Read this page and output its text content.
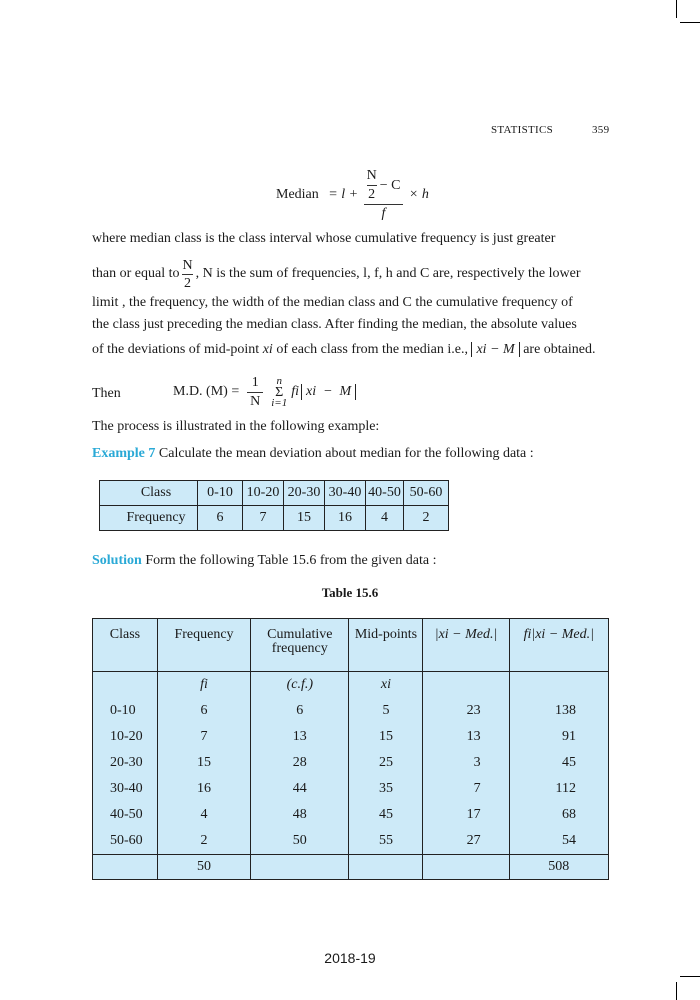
STATISTICS	359
Median = $l + \frac{\frac{N}{2} - C}{f} \times h$
where median class is the class interval whose cumulative frequency is just greater
than or equal to $\frac{N}{2}$ , N is the sum of frequencies, l, f, h and C are, respectively the lower
limit , the frequency, the width of the median class and C the cumulative frequency of
the class just preceding the median class. After finding the median, the absolute values
of the deviations of mid-point xi of each class from the median i.e., xi − M are obtained.
Then	M.D. $(M) = \frac{1}{N}$ n
Σ
i=1
fi xi  −  M
The process is illustrated in the following example:
Example 7 Calculate the mean deviation about median for the following data :
Class	0-10	10-20	20-30	30-40	40-50	50-60
Frequency	6	7	15	16	4	2
Solution Form the following Table 15.6 from the given data :
Table 15.6
Class	Frequency	Cumulative frequency	Mid-points	|xi − Med.|	fi|xi − Med.|
	fi	(c.f.)	xi		
0-10	6	6	5	23	138
10-20	7	13	15	13	91
20-30	15	28	25	3	45
30-40	16	44	35	7	112
40-50	4	48	45	17	68
50-60	2	50	55	27	54
	50				508
2018-19
